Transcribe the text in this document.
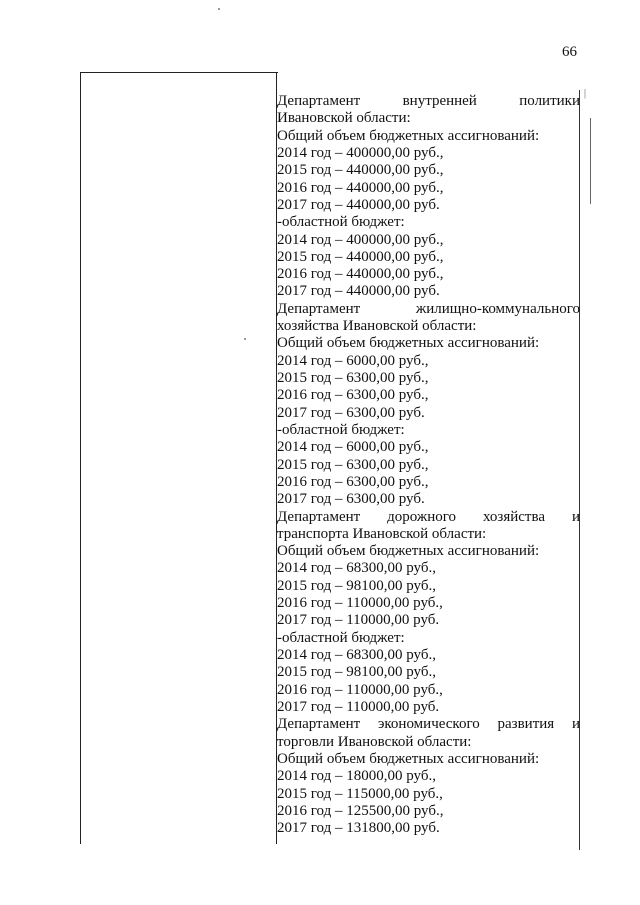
66
|
Департамент	внутренней	политики
Ивановской области:
Общий объем бюджетных ассигнований:
2014 год – 400000,00 руб.,
2015 год – 440000,00 руб.,
2016 год – 440000,00 руб.,
2017 год – 440000,00 руб.
-областной бюджет:
2014 год – 400000,00 руб.,
2015 год – 440000,00 руб.,
2016 год – 440000,00 руб.,
2017 год – 440000,00 руб.
Департамент	жилищно-коммунального
хозяйства Ивановской области:
Общий объем бюджетных ассигнований:
2014 год – 6000,00 руб.,
2015 год – 6300,00 руб.,
2016 год – 6300,00 руб.,
2017 год – 6300,00 руб.
-областной бюджет:
2014 год – 6000,00 руб.,
2015 год – 6300,00 руб.,
2016 год – 6300,00 руб.,
2017 год – 6300,00 руб.
Департамент дорожного хозяйства и
транспорта Ивановской области:
Общий объем бюджетных ассигнований:
2014 год – 68300,00 руб.,
2015 год – 98100,00 руб.,
2016 год – 110000,00 руб.,
2017 год – 110000,00 руб.
-областной бюджет:
2014 год – 68300,00 руб.,
2015 год – 98100,00 руб.,
2016 год – 110000,00 руб.,
2017 год – 110000,00 руб.
Департамент экономического развития и
торговли Ивановской области:
Общий объем бюджетных ассигнований:
2014 год – 18000,00 руб.,
2015 год – 115000,00 руб.,
2016 год – 125500,00 руб.,
2017 год – 131800,00 руб.
